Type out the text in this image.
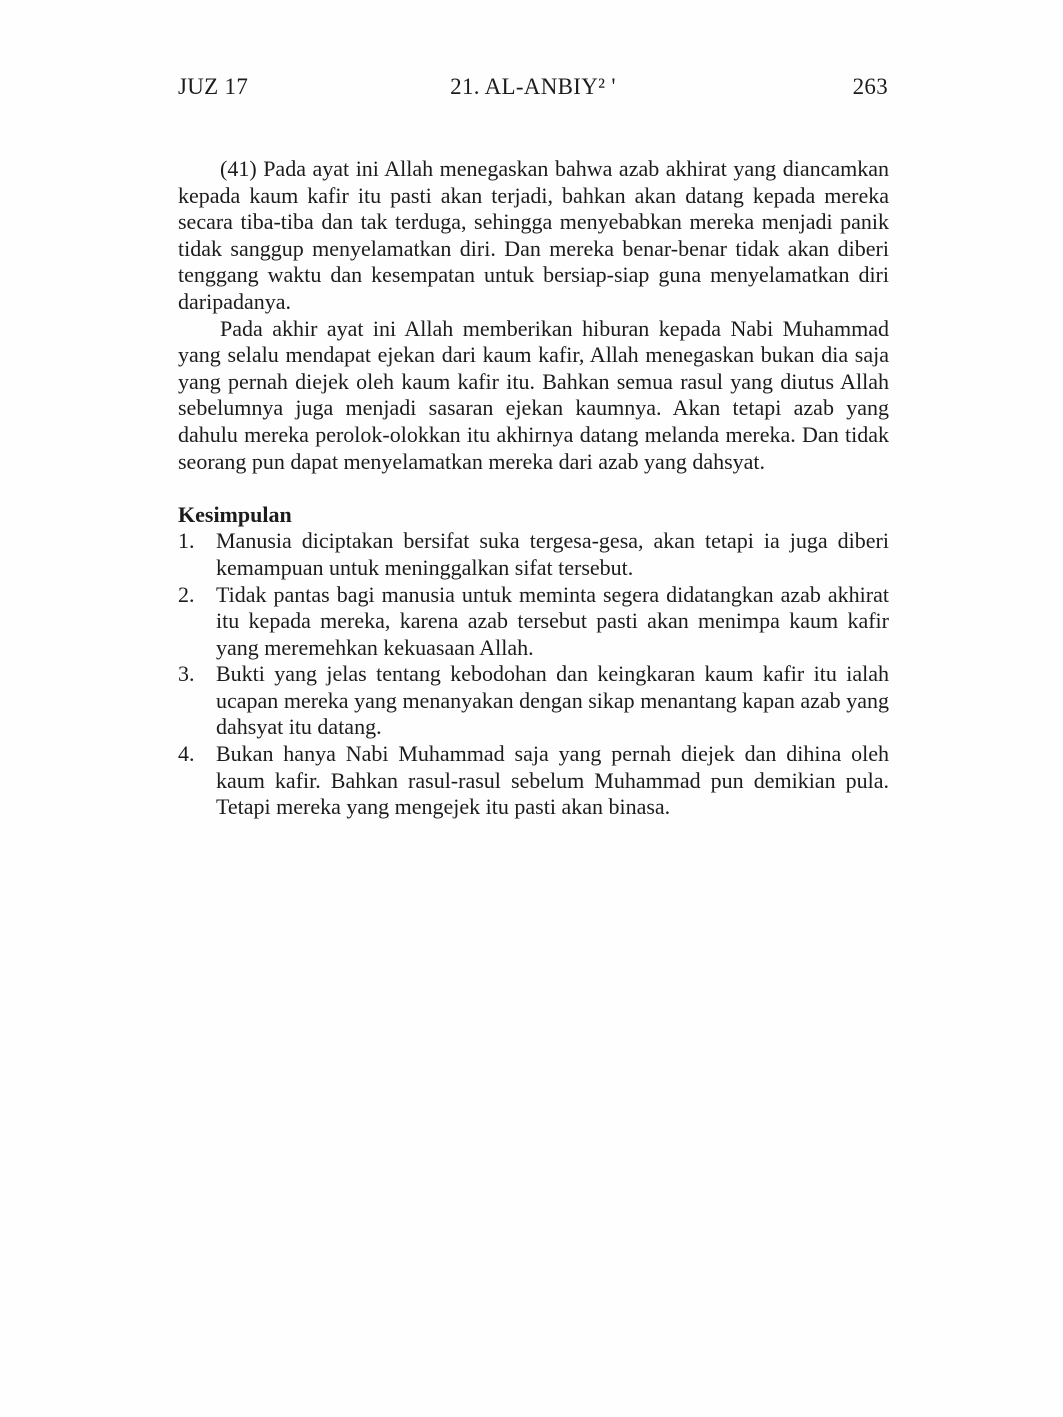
JUZ 17	21. AL-ANBIY² '	263

(41) Pada ayat ini Allah menegaskan bahwa azab akhirat yang diancamkan kepada kaum kafir itu pasti akan terjadi, bahkan akan datang kepada mereka secara tiba-tiba dan tak terduga, sehingga menyebabkan mereka menjadi panik tidak sanggup menyelamatkan diri. Dan mereka benar-benar tidak akan diberi tenggang waktu dan kesempatan untuk bersiap-siap guna menyelamatkan diri daripadanya.

Pada akhir ayat ini Allah memberikan hiburan kepada Nabi Muhammad yang selalu mendapat ejekan dari kaum kafir, Allah menegaskan bukan dia saja yang pernah diejek oleh kaum kafir itu. Bahkan semua rasul yang diutus Allah sebelumnya juga menjadi sasaran ejekan kaumnya. Akan tetapi azab yang dahulu mereka perolok-olokkan itu akhirnya datang melanda mereka. Dan tidak seorang pun dapat menyelamatkan mereka dari azab yang dahsyat.

Kesimpulan
1. Manusia diciptakan bersifat suka tergesa-gesa, akan tetapi ia juga diberi kemampuan untuk meninggalkan sifat tersebut.
2. Tidak pantas bagi manusia untuk meminta segera didatangkan azab akhirat itu kepada mereka, karena azab tersebut pasti akan menimpa kaum kafir yang meremehkan kekuasaan Allah.
3. Bukti yang jelas tentang kebodohan dan keingkaran kaum kafir itu ialah ucapan mereka yang menanyakan dengan sikap menantang kapan azab yang dahsyat itu datang.
4. Bukan hanya Nabi Muhammad saja yang pernah diejek dan dihina oleh kaum kafir. Bahkan rasul-rasul sebelum Muhammad pun demikian pula. Tetapi mereka yang mengejek itu pasti akan binasa.
